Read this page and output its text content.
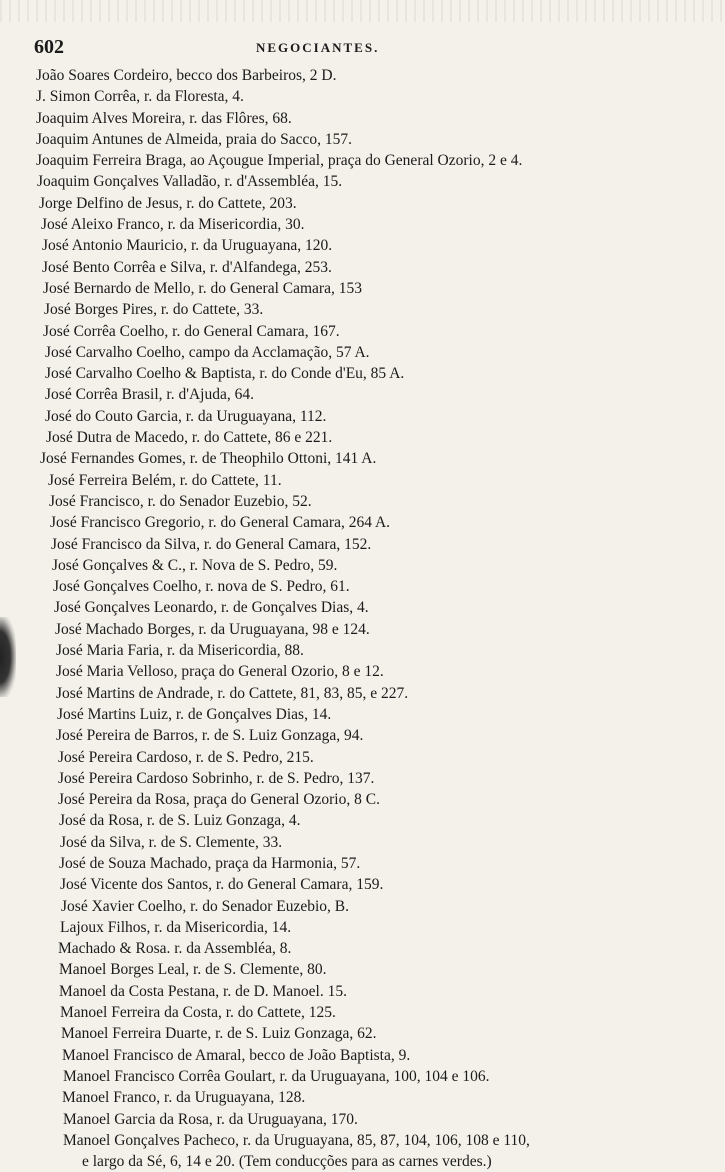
602	NEGOCIANTES.
João Soares Cordeiro, becco dos Barbeiros, 2 D.
J. Simon Corrêa, r. da Floresta, 4.
Joaquim Alves Moreira, r. das Flôres, 68.
Joaquim Antunes de Almeida, praia do Sacco, 157.
Joaquim Ferreira Braga, ao Açougue Imperial, praça do General Ozorio, 2 e 4.
Joaquim Gonçalves Valladão, r. d'Assembléa, 15.
Jorge Delfino de Jesus, r. do Cattete, 203.
José Aleixo Franco, r. da Misericordia, 30.
José Antonio Mauricio, r. da Uruguayana, 120.
José Bento Corrêa e Silva, r. d'Alfandega, 253.
José Bernardo de Mello, r. do General Camara, 153
José Borges Pires, r. do Cattete, 33.
José Corrêa Coelho, r. do General Camara, 167.
José Carvalho Coelho, campo da Acclamação, 57 A.
José Carvalho Coelho & Baptista, r. do Conde d'Eu, 85 A.
José Corrêa Brasil, r. d'Ajuda, 64.
José do Couto Garcia, r. da Uruguayana, 112.
José Dutra de Macedo, r. do Cattete, 86 e 221.
José Fernandes Gomes, r. de Theophilo Ottoni, 141 A.
José Ferreira Belém, r. do Cattete, 11.
José Francisco, r. do Senador Euzebio, 52.
José Francisco Gregorio, r. do General Camara, 264 A.
José Francisco da Silva, r. do General Camara, 152.
José Gonçalves & C., r. Nova de S. Pedro, 59.
José Gonçalves Coelho, r. nova de S. Pedro, 61.
José Gonçalves Leonardo, r. de Gonçalves Dias, 4.
José Machado Borges, r. da Uruguayana, 98 e 124.
José Maria Faria, r. da Misericordia, 88.
José Maria Velloso, praça do General Ozorio, 8 e 12.
José Martins de Andrade, r. do Cattete, 81, 83, 85, e 227.
José Martins Luiz, r. de Gonçalves Dias, 14.
José Pereira de Barros, r. de S. Luiz Gonzaga, 94.
José Pereira Cardoso, r. de S. Pedro, 215.
José Pereira Cardoso Sobrinho, r. de S. Pedro, 137.
José Pereira da Rosa, praça do General Ozorio, 8 C.
José da Rosa, r. de S. Luiz Gonzaga, 4.
José da Silva, r. de S. Clemente, 33.
José de Souza Machado, praça da Harmonia, 57.
José Vicente dos Santos, r. do General Camara, 159.
José Xavier Coelho, r. do Senador Euzebio, B.
Lajoux Filhos, r. da Misericordia, 14.
Machado & Rosa. r. da Assembléa, 8.
Manoel Borges Leal, r. de S. Clemente, 80.
Manoel da Costa Pestana, r. de D. Manoel. 15.
Manoel Ferreira da Costa, r. do Cattete, 125.
Manoel Ferreira Duarte, r. de S. Luiz Gonzaga, 62.
Manoel Francisco de Amaral, becco de João Baptista, 9.
Manoel Francisco Corrêa Goulart, r. da Uruguayana, 100, 104 e 106.
Manoel Franco, r. da Uruguayana, 128.
Manoel Garcia da Rosa, r. da Uruguayana, 170.
Manoel Gonçalves Pacheco, r. da Uruguayana, 85, 87, 104, 106, 108 e 110,
e largo da Sé, 6, 14 e 20. (Tem conducções para as carnes verdes.)
